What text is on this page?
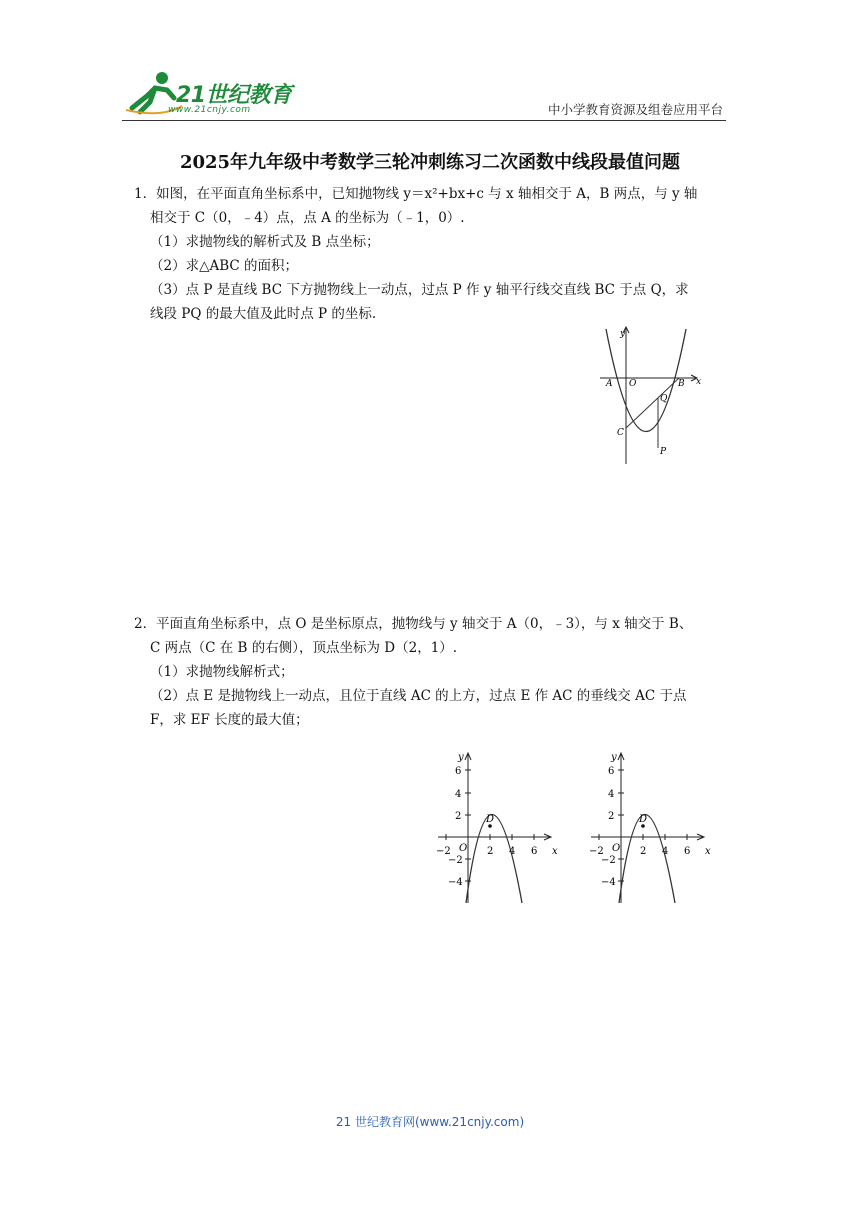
21世纪教育
www.21cnjy.com	中小学教育资源及组卷应用平台
2025年九年级中考数学三轮冲刺练习二次函数中线段最值问题

1．如图，在平面直角坐标系中，已知抛物线 y＝x²+bx+c 与 x 轴相交于 A，B 两点，与 y 轴

相交于 C（0，﹣4）点，点 A 的坐标为（﹣1，0）.

（1）求抛物线的解析式及 B 点坐标；

（2）求△ABC 的面积；

（3）点 P 是直线 BC 下方抛物线上一动点，过点 P 作 y 轴平行线交直线 BC 于点 Q，求

线段 PQ 的最大值及此时点 P 的坐标.

y
A O	B x
Q
C
P

2．平面直角坐标系中，点 O 是坐标原点，抛物线与 y 轴交于 A（0，﹣3），与 x 轴交于 B、

C 两点（C 在 B 的右侧），顶点坐标为 D（2，1）.

（1）求抛物线解析式；

（2）点 E 是抛物线上一动点，且位于直线 AC 的上方，过点 E 作 AC 的垂线交 AC 于点

F，求 EF 长度的最大值；

y
x
O
D
6
4
2
−2
−4
−2	2 4 6
y
x
O
D
6
4
2
−2
−4
−2	2 4 6
21 世纪教育网(www.21cnjy.com)
